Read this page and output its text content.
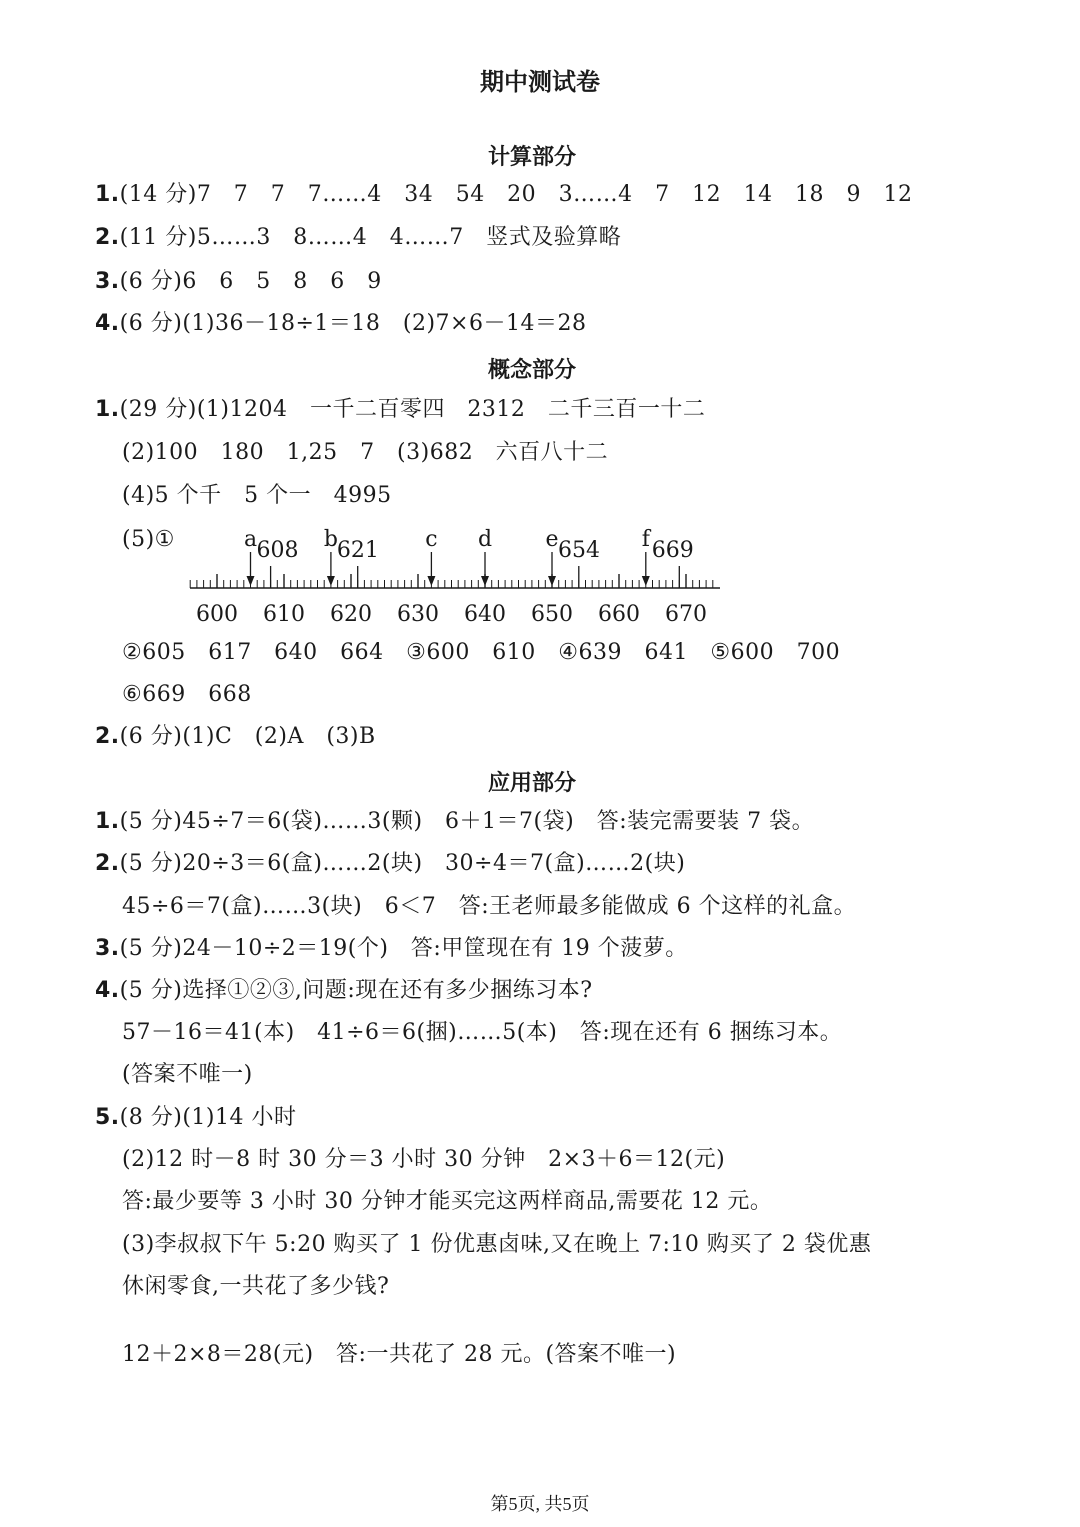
期中测试卷
计算部分
1.(14 分)7   7   7   7……4   34   54   20   3……4   7   12   14   18   9   12
2.(11 分)5……3   8……4   4……7   竖式及验算略
3.(6 分)6   6   5   8   6   9
4.(6 分)(1)36－18÷1＝18   (2)7×6－14＝28
概念部分
1.(29 分)(1)1204   一千二百零四   2312   二千三百一十二
(2)100   180   1,25   7   (3)682   六百八十二
(4)5 个千   5 个一   4995
(5)①
600 610 620 630 640 650 660 670
a 608 b
621 c d e 654 f 669
②605   617   640   664   ③600   610   ④639   641   ⑤600   700
⑥669   668
2.(6 分)(1)C   (2)A   (3)B
应用部分
1.(5 分)45÷7＝6(袋)……3(颗)   6＋1＝7(袋)   答:装完需要装 7 袋。
2.(5 分)20÷3＝6(盒)……2(块)   30÷4＝7(盒)……2(块)
45÷6＝7(盒)……3(块)   6＜7   答:王老师最多能做成 6 个这样的礼盒。
3.(5 分)24－10÷2＝19(个)   答:甲筐现在有 19 个菠萝。
4.(5 分)选择①②③,问题:现在还有多少捆练习本?
57－16＝41(本)   41÷6＝6(捆)……5(本)   答:现在还有 6 捆练习本。
(答案不唯一)
5.(8 分)(1)14 小时
(2)12 时－8 时 30 分＝3 小时 30 分钟   2×3＋6＝12(元)
答:最少要等 3 小时 30 分钟才能买完这两样商品,需要花 12 元。
(3)李叔叔下午 5:20 购买了 1 份优惠卤味,又在晚上 7:10 购买了 2 袋优惠
休闲零食,一共花了多少钱?
12＋2×8＝28(元)   答:一共花了 28 元。(答案不唯一)
第5页, 共5页
